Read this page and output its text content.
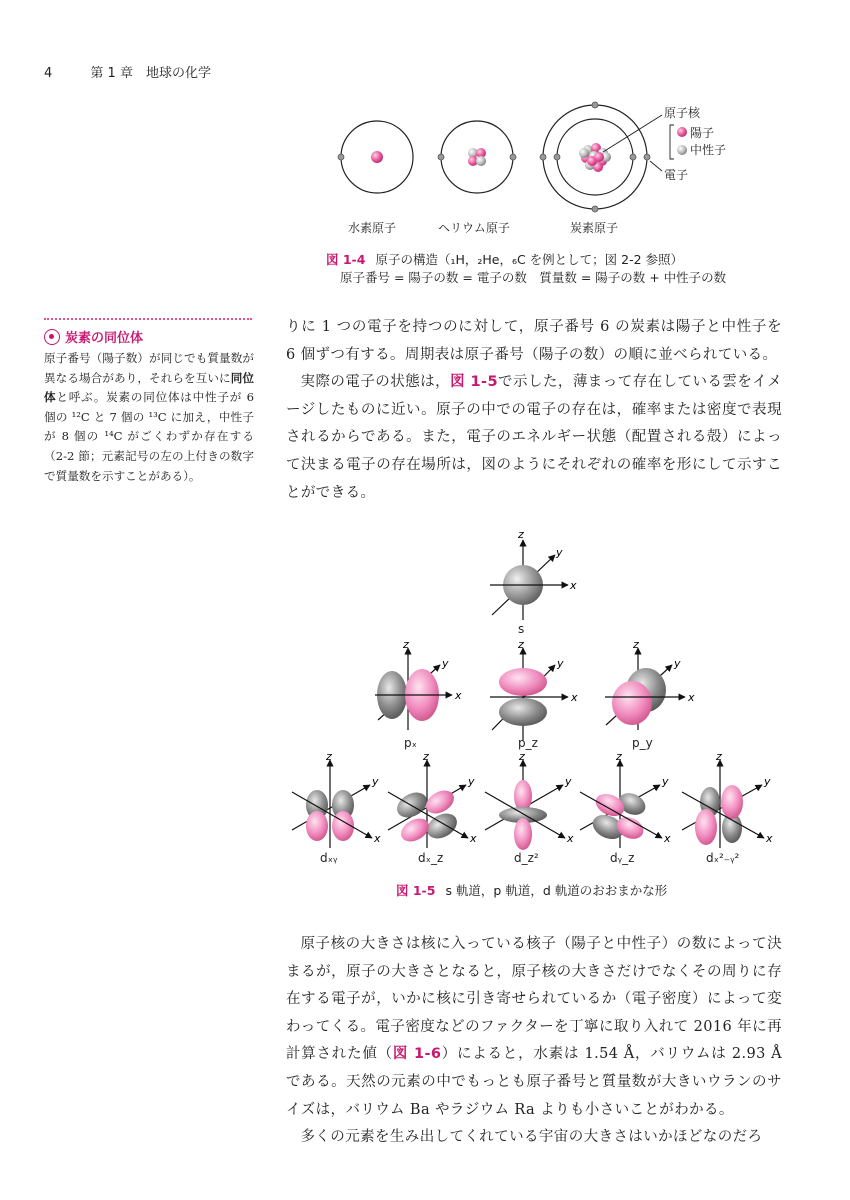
4	第 1 章　地球の化学
原子核
陽子
中性子
電子
水素原子	ヘリウム原子	炭素原子
図 1-4 原子の構造（₁H，₂He，₆C を例として；図 2-2 参照）
原子番号 = 陽子の数 = 電子の数　質量数 = 陽子の数 + 中性子の数
炭素の同位体
原子番号（陽子数）が同じでも質量数が異なる場合があり，それらを互いに同位体と呼ぶ。炭素の同位体は中性子が 6 個の ¹²C と 7 個の ¹³C に加え，中性子が 8 個の ¹⁴C がごくわずか存在する（2-2 節；元素記号の左の上付きの数字で質量数を示すことがある）。
りに 1 つの電子を持つのに対して，原子番号 6 の炭素は陽子と中性子を 6 個ずつ有する。周期表は原子番号（陽子の数）の順に並べられている。
実際の電子の状態は，図 1-5で示した，薄まって存在している雲をイメージしたものに近い。原子の中での電子の存在は，確率または密度で表現されるからである。また，電子のエネルギー状態（配置される殻）によって決まる電子の存在場所は，図のようにそれぞれの確率を形にして示すことができる。
z
y
x
z
y
x
z
y
x
z
y
x
z
y
x
z
y
x
z
y
x
z
y
x
z
y
x
s
pₓ	p_z	p_y
dₓᵧ	dₓ_z	d_z²	dᵧ_z	dₓ²₋ᵧ²
図 1-5 s 軌道，p 軌道，d 軌道のおおまかな形
原子核の大きさは核に入っている核子（陽子と中性子）の数によって決まるが，原子の大きさとなると，原子核の大きさだけでなくその周りに存在する電子が，いかに核に引き寄せられているか（電子密度）によって変わってくる。電子密度などのファクターを丁寧に取り入れて 2016 年に再計算された値（図 1-6）によると，水素は 1.54 Å，バリウムは 2.93 Å である。天然の元素の中でもっとも原子番号と質量数が大きいウランのサイズは，バリウム Ba やラジウム Ra よりも小さいことがわかる。
多くの元素を生み出してくれている宇宙の大きさはいかほどなのだろ
